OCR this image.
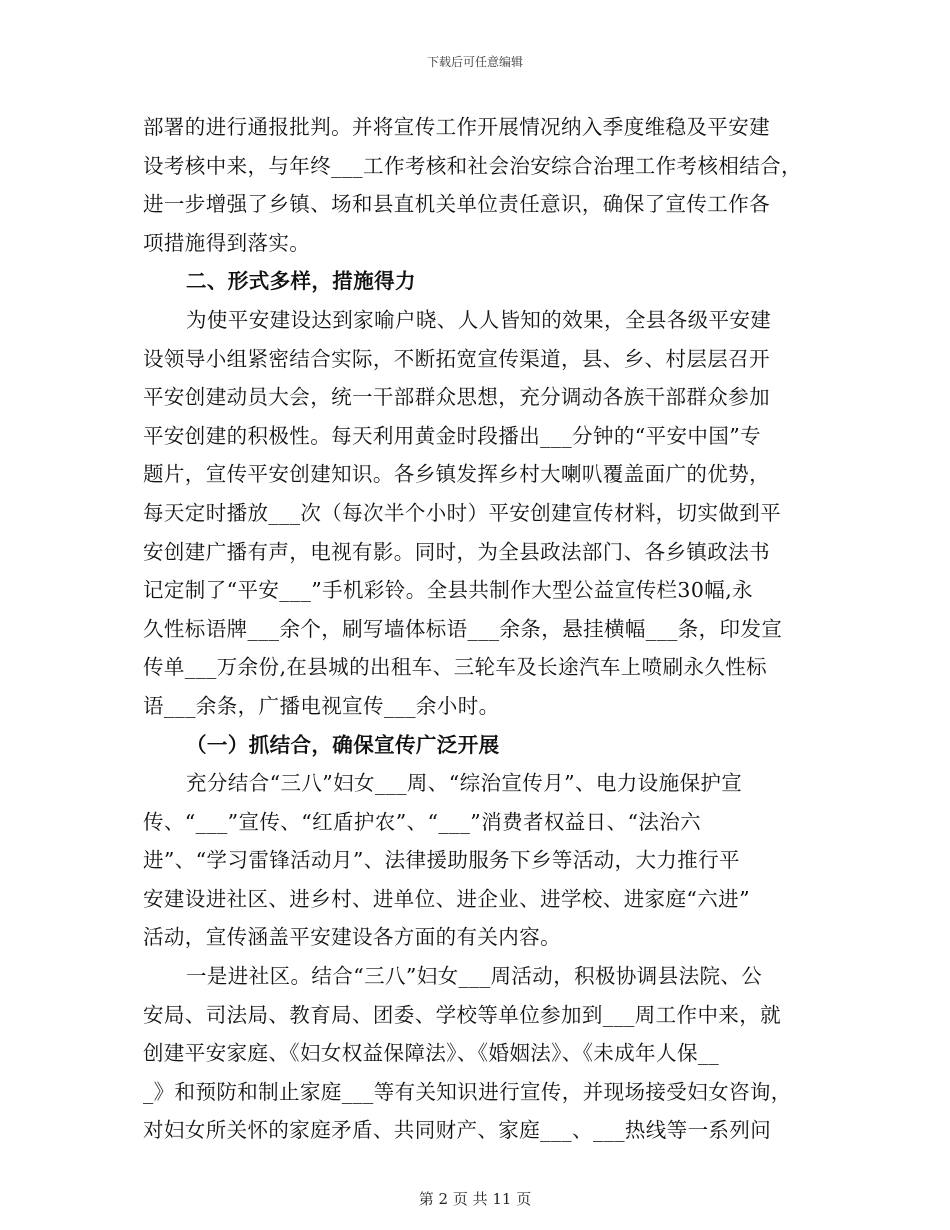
下载后可任意编辑
部署的进行通报批判。并将宣传工作开展情况纳入季度维稳及平安建
设考核中来，与年终___工作考核和社会治安综合治理工作考核相结合，
进一步增强了乡镇、场和县直机关单位责任意识，确保了宣传工作各
项措施得到落实。
二、形式多样，措施得力
为使平安建设达到家喻户晓、人人皆知的效果，全县各级平安建
设领导小组紧密结合实际，不断拓宽宣传渠道，县、乡、村层层召开
平安创建动员大会，统一干部群众思想，充分调动各族干部群众参加
平安创建的积极性。每天利用黄金时段播出___分钟的“平安中国”专
题片，宣传平安创建知识。各乡镇发挥乡村大喇叭覆盖面广的优势，
每天定时播放___次（每次半个小时）平安创建宣传材料，切实做到平
安创建广播有声，电视有影。同时，为全县政法部门、各乡镇政法书
记定制了“平安___”手机彩铃。全县共制作大型公益宣传栏30幅,永
久性标语牌___余个，刷写墙体标语___余条，悬挂横幅___条，印发宣
传单___万余份,在县城的出租车、三轮车及长途汽车上喷刷永久性标
语___余条，广播电视宣传___余小时。
（一）抓结合，确保宣传广泛开展
充分结合“三八”妇女___周、“综治宣传月”、电力设施保护宣
传、“___”宣传、“红盾护农”、“___”消费者权益日、“法治六
进”、“学习雷锋活动月”、法律援助服务下乡等活动，大力推行平
安建设进社区、进乡村、进单位、进企业、进学校、进家庭“六进”
活动，宣传涵盖平安建设各方面的有关内容。
一是进社区。结合“三八”妇女___周活动，积极协调县法院、公
安局、司法局、教育局、团委、学校等单位参加到___周工作中来，就
创建平安家庭、《妇女权益保障法》、《婚姻法》、《未成年人保__
_》和预防和制止家庭___等有关知识进行宣传，并现场接受妇女咨询，
对妇女所关怀的家庭矛盾、共同财产、家庭___、___热线等一系列问
第 2 页 共 11 页
